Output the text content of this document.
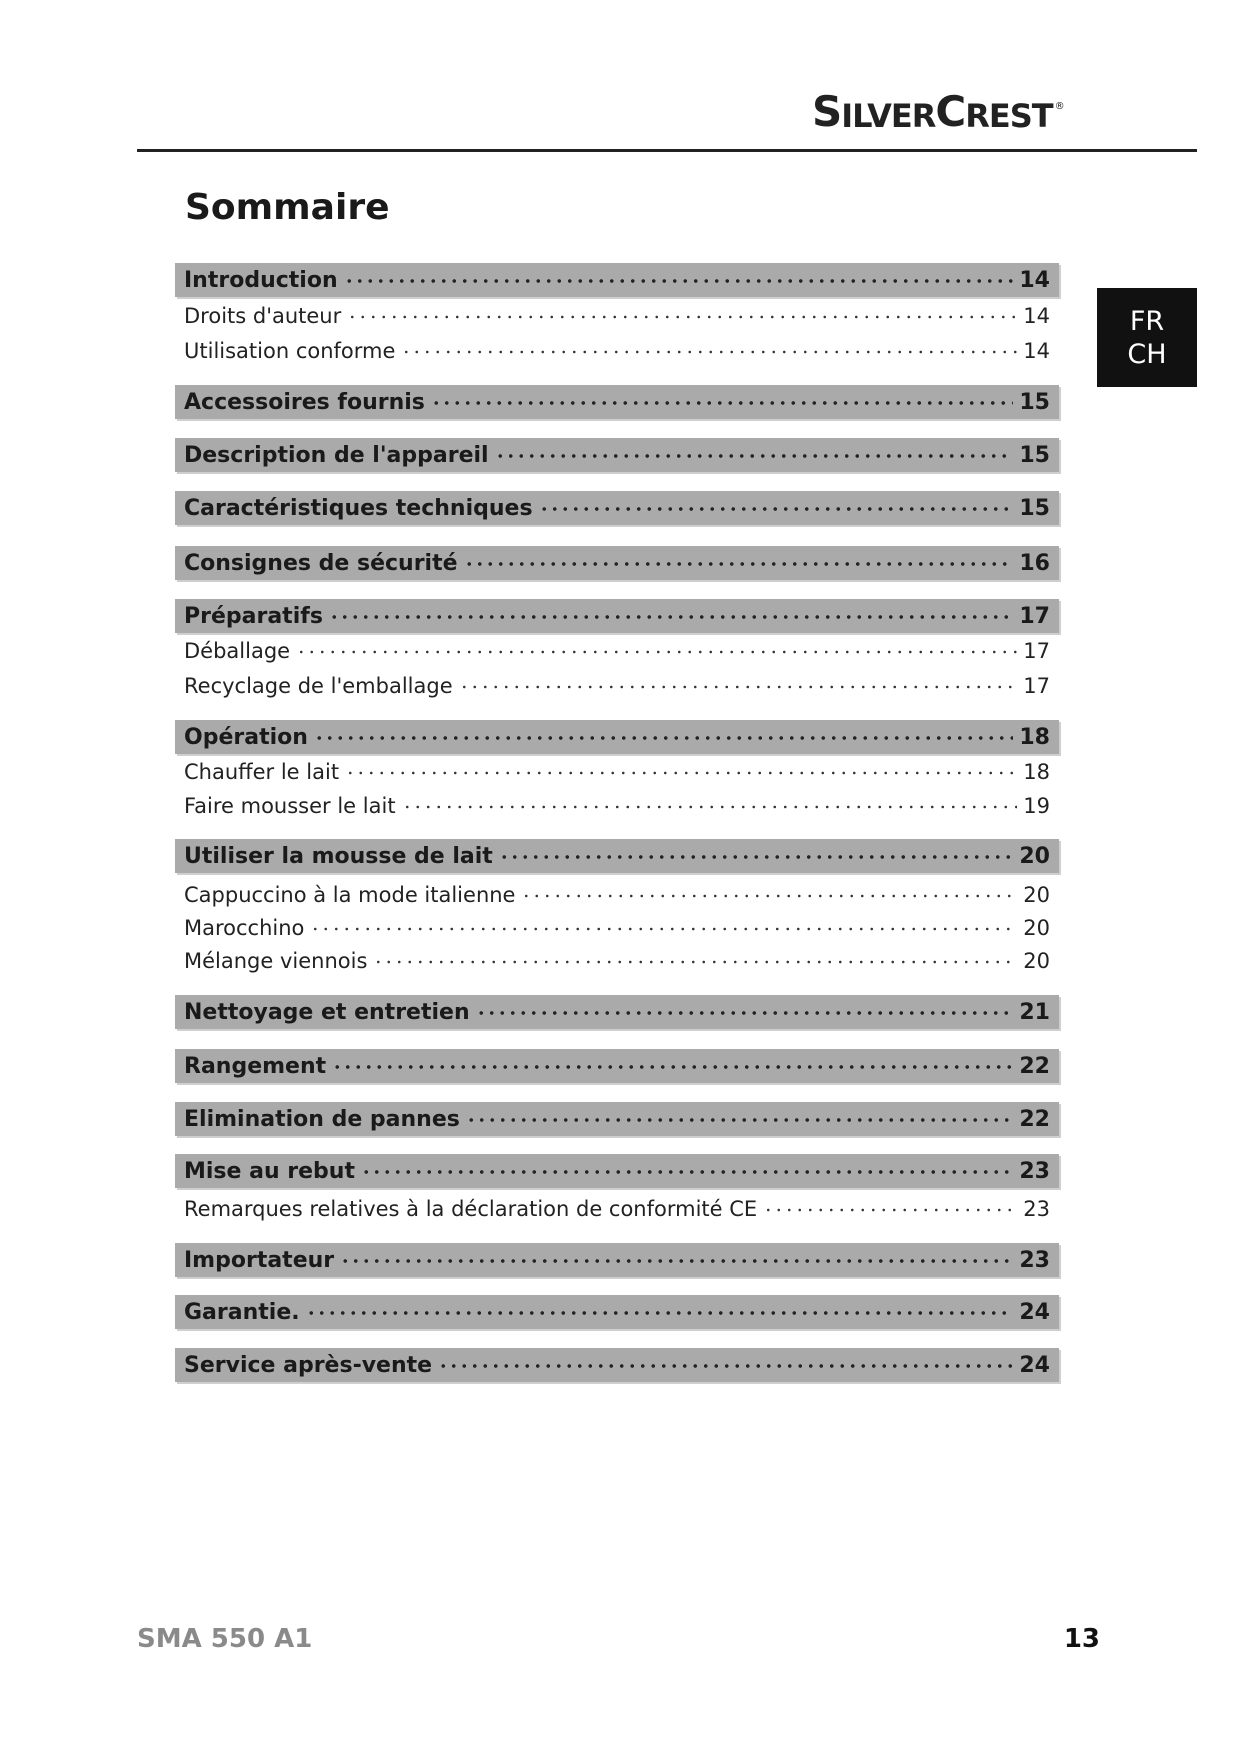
S ILVER C REST ®
FR
CH
Sommaire
Introduction	14
Droits d'auteur	14
Utilisation conforme	14
Accessoires fournis	15
Description de l'appareil	15
Caractéristiques techniques	15
Consignes de sécurité	16
Préparatifs	17
Déballage	17
Recyclage de l'emballage	17
Opération	18
Chauffer le lait	18
Faire mousser le lait	19
Utiliser la mousse de lait	20
Cappuccino à la mode italienne	20
Marocchino	20
Mélange viennois	20
Nettoyage et entretien	21
Rangement	22
Elimination de pannes	22
Mise au rebut	23
Remarques relatives à la déclaration de conformité CE	23
Importateur	23
Garantie.	24
Service après-vente	24
SMA 550 A1	13
